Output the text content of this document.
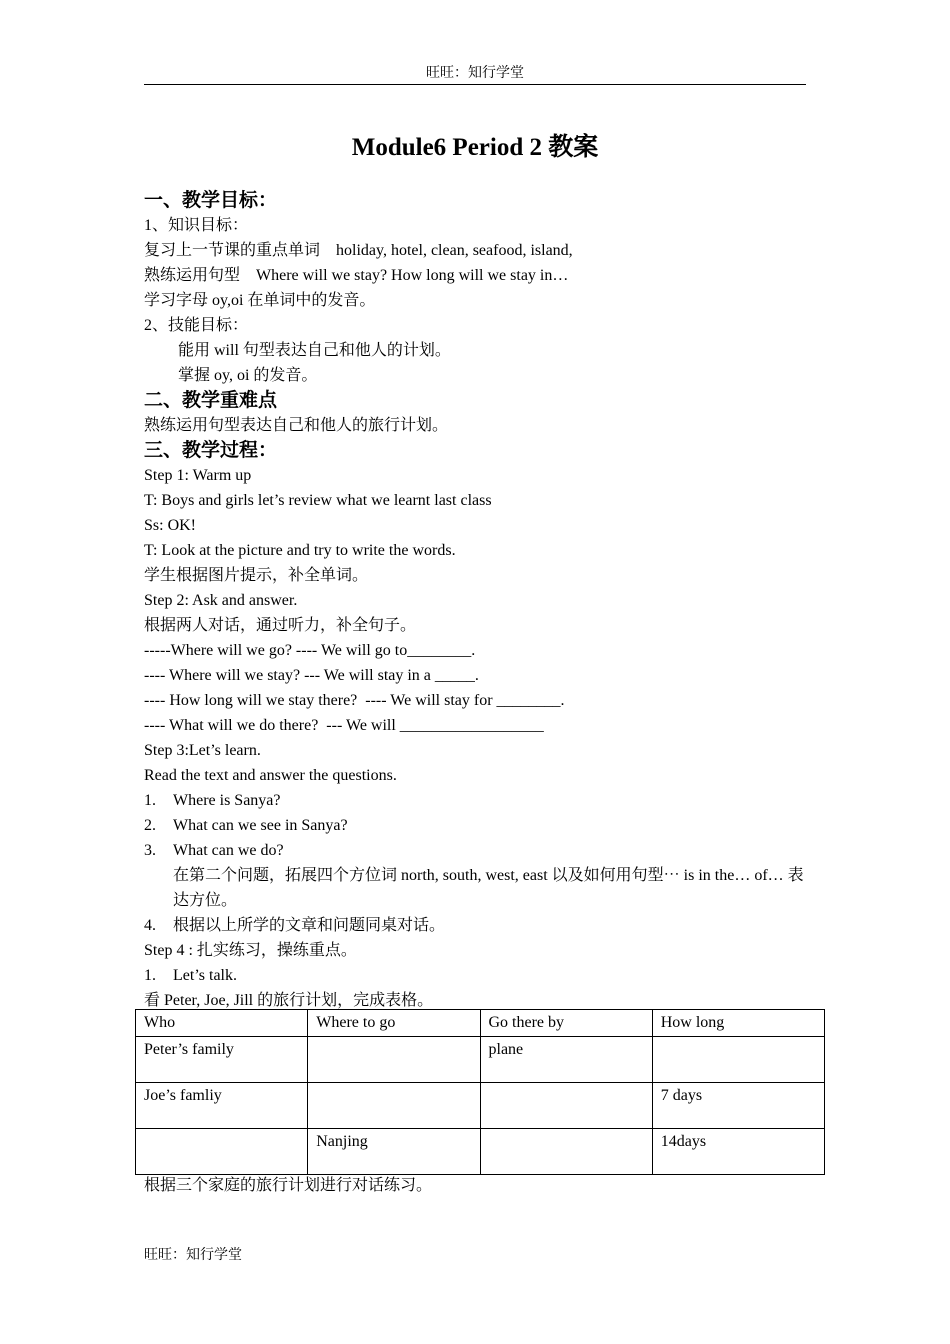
旺旺：知行学堂
Module6 Period 2 教案
一、教学目标：
1、知识目标：
复习上一节课的重点单词    holiday, hotel, clean, seafood, island,
熟练运用句型    Where will we stay? How long will we stay in…
学习字母 oy,oi 在单词中的发音。
2、技能目标：
能用 will 句型表达自己和他人的计划。
掌握 oy, oi 的发音。
二、教学重难点
熟练运用句型表达自己和他人的旅行计划。
三、教学过程：
Step 1: Warm up
T: Boys and girls let’s review what we learnt last class
Ss: OK!
T: Look at the picture and try to write the words.
学生根据图片提示，补全单词。
Step 2: Ask and answer.
根据两人对话，通过听力，补全句子。
-----Where will we go? ---- We will go to________.
---- Where will we stay? --- We will stay in a _____.
---- How long will we stay there?  ---- We will stay for ________.
---- What will we do there?  --- We will __________________
Step 3:Let’s learn.
Read the text and answer the questions.
1.	Where is Sanya?
2.	What can we see in Sanya?
3.	What can we do?
在第二个问题，拓展四个方位词 north, south, west, east 以及如何用句型⋯ is in the… of… 表达方位。
4.	根据以上所学的文章和问题同桌对话。
Step 4 : 扎实练习，操练重点。
1.	Let’s talk.
看 Peter, Joe, Jill 的旅行计划，完成表格。
Who	Where to go	Go there by	How long
Peter’s family		plane	
Joe’s famliy			7 days
	Nanjing		14days
根据三个家庭的旅行计划进行对话练习。
旺旺：知行学堂
